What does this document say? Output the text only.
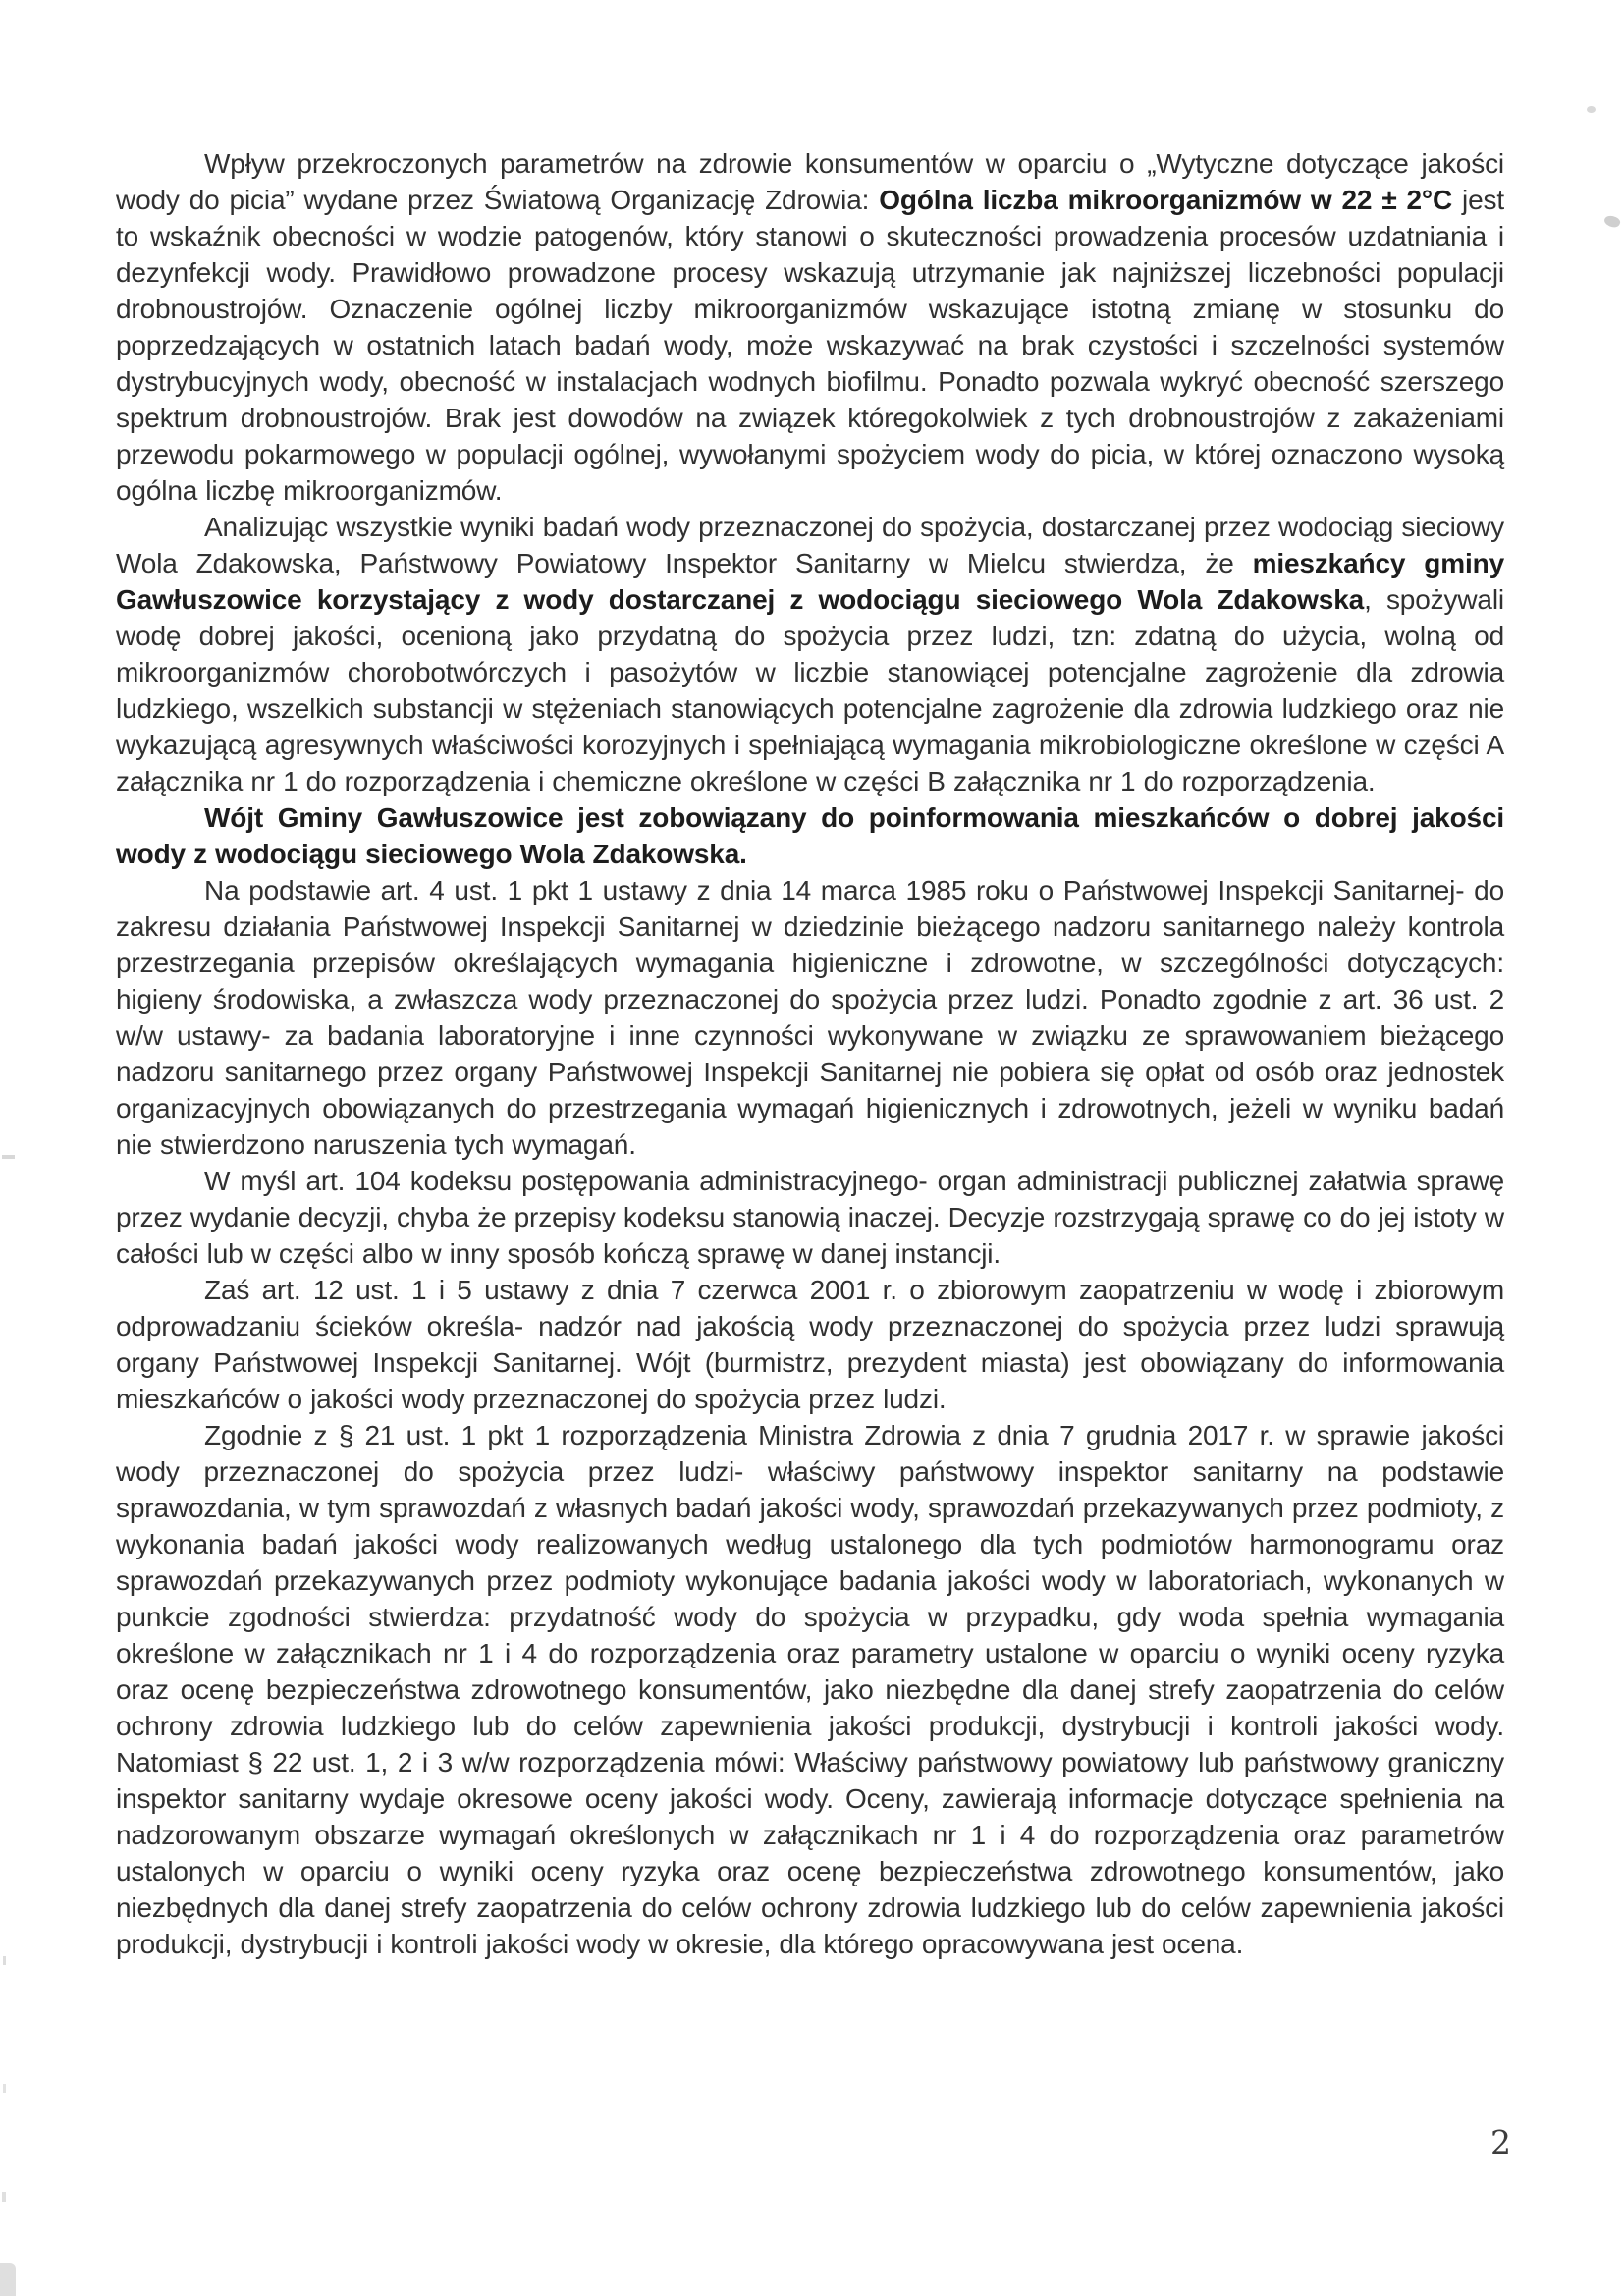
Wpływ przekroczonych parametrów na zdrowie konsumentów w oparciu o „Wytyczne dotyczące jakości wody do picia” wydane przez Światową Organizację Zdrowia: Ogólna liczba mikroorganizmów w 22 ± 2°C jest to wskaźnik obecności w wodzie patogenów, który stanowi o skuteczności prowadzenia procesów uzdatniania i dezynfekcji wody. Prawidłowo prowadzone procesy wskazują utrzymanie jak najniższej liczebności populacji drobnoustrojów. Oznaczenie ogólnej liczby mikroorganizmów wskazujące istotną zmianę w stosunku do poprzedzających w ostatnich latach badań wody, może wskazywać na brak czystości i szczelności systemów dystrybucyjnych wody, obecność w instalacjach wodnych biofilmu. Ponadto pozwala wykryć obecność szerszego spektrum drobnoustrojów. Brak jest dowodów na związek któregokolwiek z tych drobnoustrojów z zakażeniami przewodu pokarmowego w populacji ogólnej, wywołanymi spożyciem wody do picia, w której oznaczono wysoką ogólna liczbę mikroorganizmów.

Analizując wszystkie wyniki badań wody przeznaczonej do spożycia, dostarczanej przez wodociąg sieciowy Wola Zdakowska, Państwowy Powiatowy Inspektor Sanitarny w Mielcu stwierdza, że mieszkańcy gminy Gawłuszowice korzystający z wody dostarczanej z wodociągu sieciowego Wola Zdakowska, spożywali wodę dobrej jakości, ocenioną jako przydatną do spożycia przez ludzi, tzn: zdatną do użycia, wolną od mikroorganizmów chorobotwórczych i pasożytów w liczbie stanowiącej potencjalne zagrożenie dla zdrowia ludzkiego, wszelkich substancji w stężeniach stanowiących potencjalne zagrożenie dla zdrowia ludzkiego oraz nie wykazującą agresywnych właściwości korozyjnych i spełniającą wymagania mikrobiologiczne określone w części A załącznika nr 1 do rozporządzenia i chemiczne określone w części B załącznika nr 1 do rozporządzenia.

Wójt Gminy Gawłuszowice jest zobowiązany do poinformowania mieszkańców o dobrej jakości wody z wodociągu sieciowego Wola Zdakowska.

Na podstawie art. 4 ust. 1 pkt 1 ustawy z dnia 14 marca 1985 roku o Państwowej Inspekcji Sanitarnej- do zakresu działania Państwowej Inspekcji Sanitarnej w dziedzinie bieżącego nadzoru sanitarnego należy kontrola przestrzegania przepisów określających wymagania higieniczne i zdrowotne, w szczególności dotyczących: higieny środowiska, a zwłaszcza wody przeznaczonej do spożycia przez ludzi. Ponadto zgodnie z art. 36 ust. 2 w/w ustawy- za badania laboratoryjne i inne czynności wykonywane w związku ze sprawowaniem bieżącego nadzoru sanitarnego przez organy Państwowej Inspekcji Sanitarnej nie pobiera się opłat od osób oraz jednostek organizacyjnych obowiązanych do przestrzegania wymagań higienicznych i zdrowotnych, jeżeli w wyniku badań nie stwierdzono naruszenia tych wymagań.

W myśl art. 104 kodeksu postępowania administracyjnego- organ administracji publicznej załatwia sprawę przez wydanie decyzji, chyba że przepisy kodeksu stanowią inaczej. Decyzje rozstrzygają sprawę co do jej istoty w całości lub w części albo w inny sposób kończą sprawę w danej instancji.

Zaś art. 12 ust. 1 i 5 ustawy z dnia 7 czerwca 2001 r. o zbiorowym zaopatrzeniu w wodę i zbiorowym odprowadzaniu ścieków określa- nadzór nad jakością wody przeznaczonej do spożycia przez ludzi sprawują organy Państwowej Inspekcji Sanitarnej. Wójt (burmistrz, prezydent miasta) jest obowiązany do informowania mieszkańców o jakości wody przeznaczonej do spożycia przez ludzi.

Zgodnie z § 21 ust. 1 pkt 1 rozporządzenia Ministra Zdrowia z dnia 7 grudnia 2017 r. w sprawie jakości wody przeznaczonej do spożycia przez ludzi- właściwy państwowy inspektor sanitarny na podstawie sprawozdania, w tym sprawozdań z własnych badań jakości wody, sprawozdań przekazywanych przez podmioty, z wykonania badań jakości wody realizowanych według ustalonego dla tych podmiotów harmonogramu oraz sprawozdań przekazywanych przez podmioty wykonujące badania jakości wody w laboratoriach, wykonanych w punkcie zgodności stwierdza: przydatność wody do spożycia w przypadku, gdy woda spełnia wymagania określone w załącznikach nr 1 i 4 do rozporządzenia oraz parametry ustalone w oparciu o wyniki oceny ryzyka oraz ocenę bezpieczeństwa zdrowotnego konsumentów, jako niezbędne dla danej strefy zaopatrzenia do celów ochrony zdrowia ludzkiego lub do celów zapewnienia jakości produkcji, dystrybucji i kontroli jakości wody. Natomiast § 22 ust. 1, 2 i 3 w/w rozporządzenia mówi: Właściwy państwowy powiatowy lub państwowy graniczny inspektor sanitarny wydaje okresowe oceny jakości wody. Oceny, zawierają informacje dotyczące spełnienia na nadzorowanym obszarze wymagań określonych w załącznikach nr 1 i 4 do rozporządzenia oraz parametrów ustalonych w oparciu o wyniki oceny ryzyka oraz ocenę bezpieczeństwa zdrowotnego konsumentów, jako niezbędnych dla danej strefy zaopatrzenia do celów ochrony zdrowia ludzkiego lub do celów zapewnienia jakości produkcji, dystrybucji i kontroli jakości wody w okresie, dla którego opracowywana jest ocena.

2
